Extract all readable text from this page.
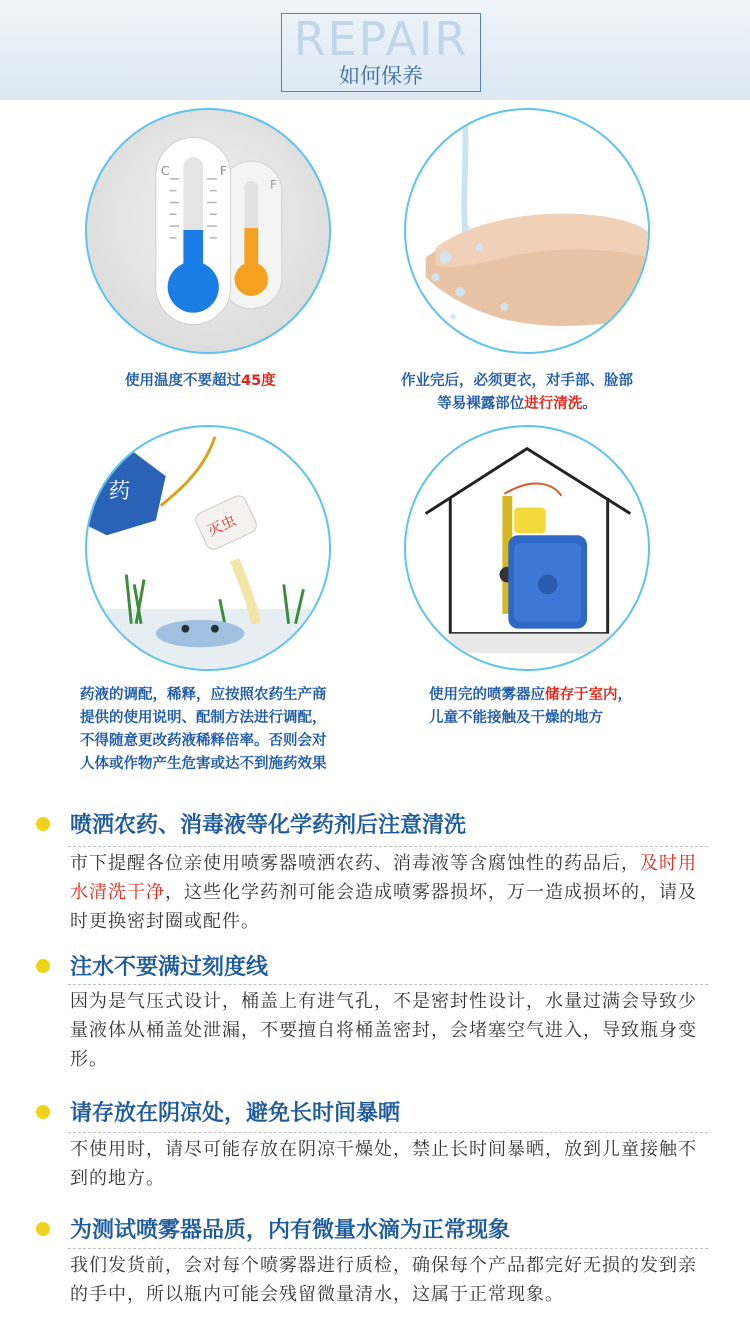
REPAIR
如何保养
F
C	F
使用温度不要超过45度	作业完后，必须更衣，对手部、脸部
等易裸露部位进行清洗。
药
灭虫
药液的调配，稀释，应按照农药生产商
提供的使用说明、配制方法进行调配，
不得随意更改药液稀释倍率。否则会对
人体或作物产生危害或达不到施药效果
使用完的喷雾器应储存于室内，
儿童不能接触及干燥的地方
喷洒农药、消毒液等化学药剂后注意清洗
市下提醒各位亲使用喷雾器喷洒农药、消毒液等含腐蚀性的药品后，及时用水清洗干净，这些化学药剂可能会造成喷雾器损坏，万一造成损坏的，请及时更换密封圈或配件。
注水不要满过刻度线
因为是气压式设计，桶盖上有进气孔，不是密封性设计，水量过满会导致少量液体从桶盖处泄漏，不要擅自将桶盖密封，会堵塞空气进入，导致瓶身变形。
请存放在阴凉处，避免长时间暴晒
不使用时，请尽可能存放在阴凉干燥处，禁止长时间暴晒，放到儿童接触不到的地方。
为测试喷雾器品质，内有微量水滴为正常现象
我们发货前，会对每个喷雾器进行质检，确保每个产品都完好无损的发到亲的手中，所以瓶内可能会残留微量清水，这属于正常现象。
